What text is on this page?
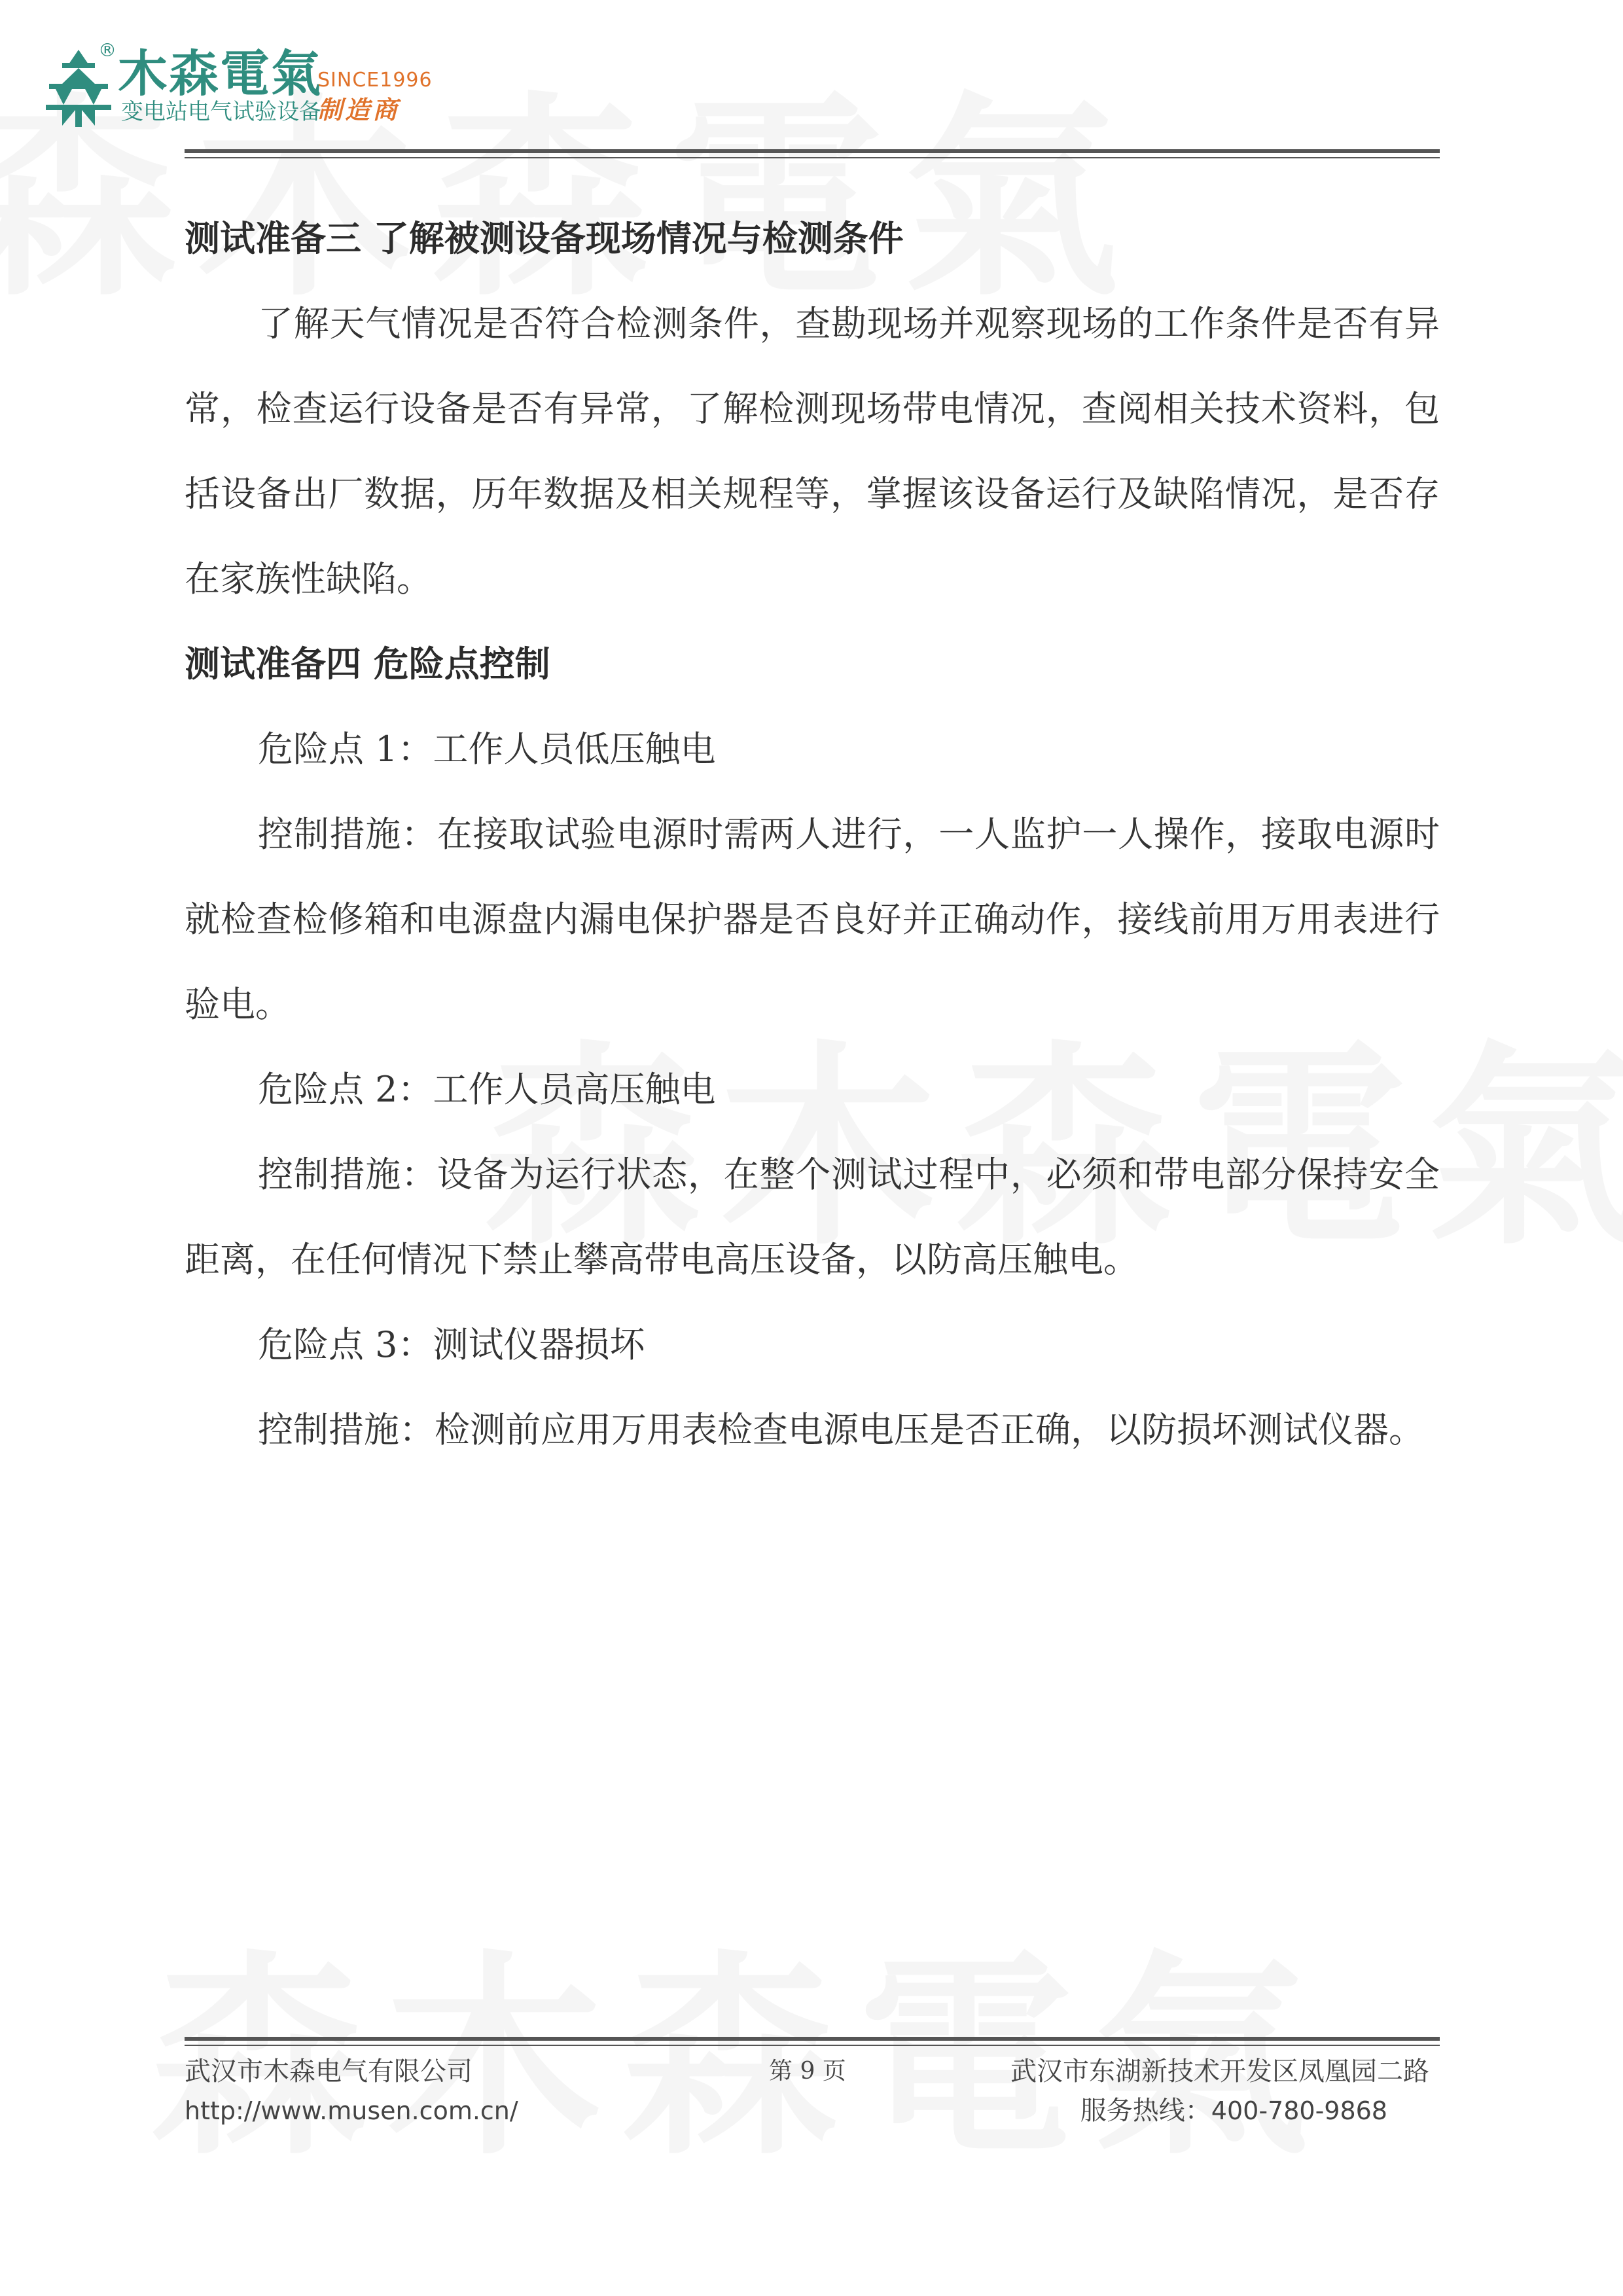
® 木森電氣
SINCE1996
变电站电气试验设备
制造商
测试准备三 了解被测设备现场情况与检测条件

了解天气情况是否符合检测条件，查勘现场并观察现场的工作条件是否有异常，检查运行设备是否有异常，了解检测现场带电情况，查阅相关技术资料，包括设备出厂数据，历年数据及相关规程等，掌握该设备运行及缺陷情况，是否存在家族性缺陷。

测试准备四 危险点控制

危险点 1：工作人员低压触电

控制措施：在接取试验电源时需两人进行，一人监护一人操作，接取电源时就检查检修箱和电源盘内漏电保护器是否良好并正确动作，接线前用万用表进行验电。

危险点 2：工作人员高压触电

控制措施：设备为运行状态，在整个测试过程中，必须和带电部分保持安全距离，在任何情况下禁止攀高带电高压设备，以防高压触电。

危险点 3：测试仪器损坏

控制措施：检测前应用万用表检查电源电压是否正确，以防损坏测试仪器。

武汉市木森电气有限公司
http://www.musen.com.cn/
第 9 页	武汉市东湖新技术开发区凤凰园二路
服务热线：400-780-9868
